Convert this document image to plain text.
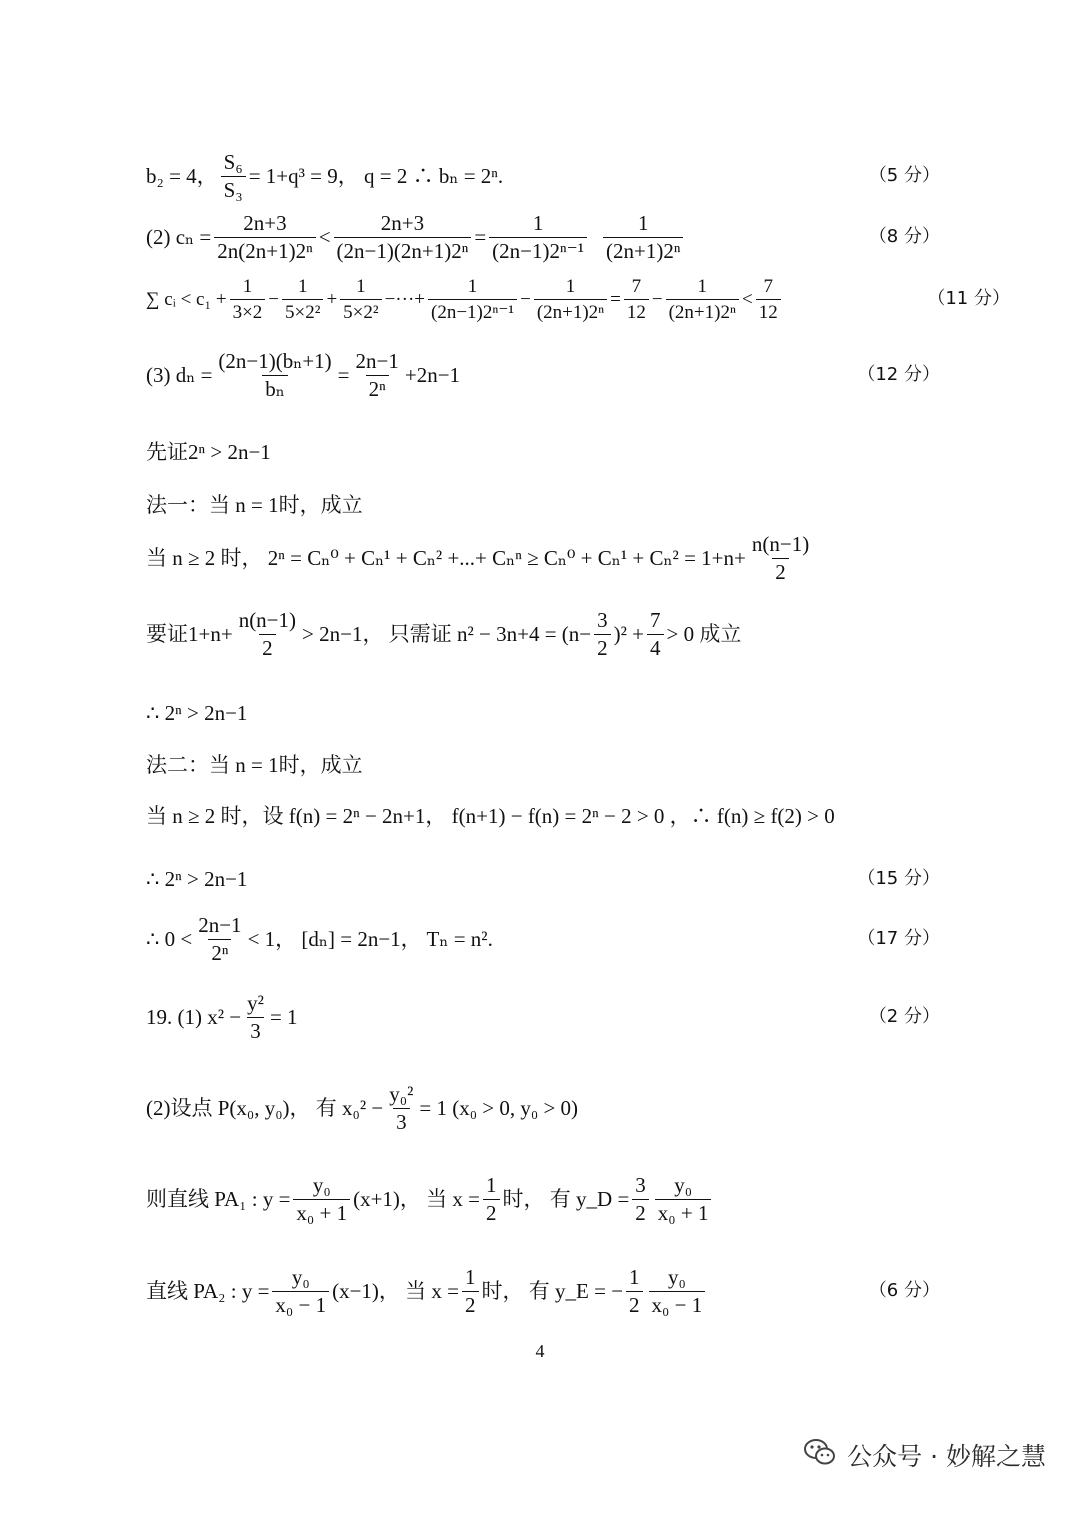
b₂ = 4， $\frac{\text{S₆}}{\text{S₃}} = 1+q^3 = 9$， q = 2 ∴ bₙ = 2ⁿ.	（5 分）
(2) $c_n = \frac{2n+3}{\text{2n(2n+1)2ⁿ}} < \frac{2n+3}{\text{(2n−1)(2n+1)2ⁿ}} = \frac{1}{\text{(2n−1)2ⁿ⁻¹}} \frac{1}{\text{(2n+1)2ⁿ}}$	（8 分）
∑ cᵢ < $c_1 + \frac{1}{3\times 2} - \frac{1}{\text{5×2²}} + \frac{1}{\text{5×2²}}$ −···+ $\frac{1}{\text{(2n−1)2ⁿ⁻¹}} - \frac{1}{\text{(2n+1)2ⁿ}} = \frac{7}{12} - \frac{1}{\text{(2n+1)2ⁿ}} < \frac{7}{12}$	（11 分）
(3) $d_n = \frac{\text{(2n−1)(bₙ+1)}}{\text{bₙ}} = \frac{2n-1}{\text{2ⁿ}} +2n-1$	（12 分）
先证2ⁿ > 2n−1
法一：当 n = 1时，成立
当 n ≥ 2 时， 2ⁿ = Cₙ⁰ + Cₙ¹ + Cₙ² +...+ $C_n^n \ge C_n^0 + C_n^1 + C_n^2 = 1+n+ \frac{n(n-1)}{2}$
要证$1+n+ \frac{n(n-1)}{2} > 2n-1$， 只需证 $n^2 - 3n+4 = (n- \frac{3}{2} )^2 + \frac{7}{4} > 0$ 成立
∴ 2ⁿ > 2n−1
法二：当 n = 1时，成立
当 n ≥ 2 时，设 f(n) = 2ⁿ − 2n+1， f(n+1) − f(n) = 2ⁿ − 2 > 0 ，∴ f(n) ≥ f(2) > 0
∴ 2ⁿ > 2n−1	（15 分）
∴ $0 < \frac{2n-1}{\text{2ⁿ}} < 1$， [dₙ] = 2n−1， Tₙ = n².	（17 分）
19. (1) $x^2 - \frac{\text{y²}}{3} = 1$	（2 分）
(2)设点 P(x₀, y₀)， 有 $x_0^2 - \frac{\text{y₀²}}{3} = 1$ (x₀ > 0, y₀ > 0)
则直线 PA₁ : $y = \frac{\text{y₀}}{\text{x₀ + 1}} (x+1)$， 当 $x = \frac{1}{2}$ 时， 有 y_D = $\frac{3}{2} \frac{\text{y₀}}{\text{x₀ + 1}}$
直线 PA₂ : $y = \frac{\text{y₀}}{\text{x₀ − 1}} (x-1)$， 当 $x = \frac{1}{2}$ 时， 有 y_E = − $\frac{1}{2} \frac{\text{y₀}}{\text{x₀ − 1}}$	（6 分）
4
公众号 · 妙解之慧
